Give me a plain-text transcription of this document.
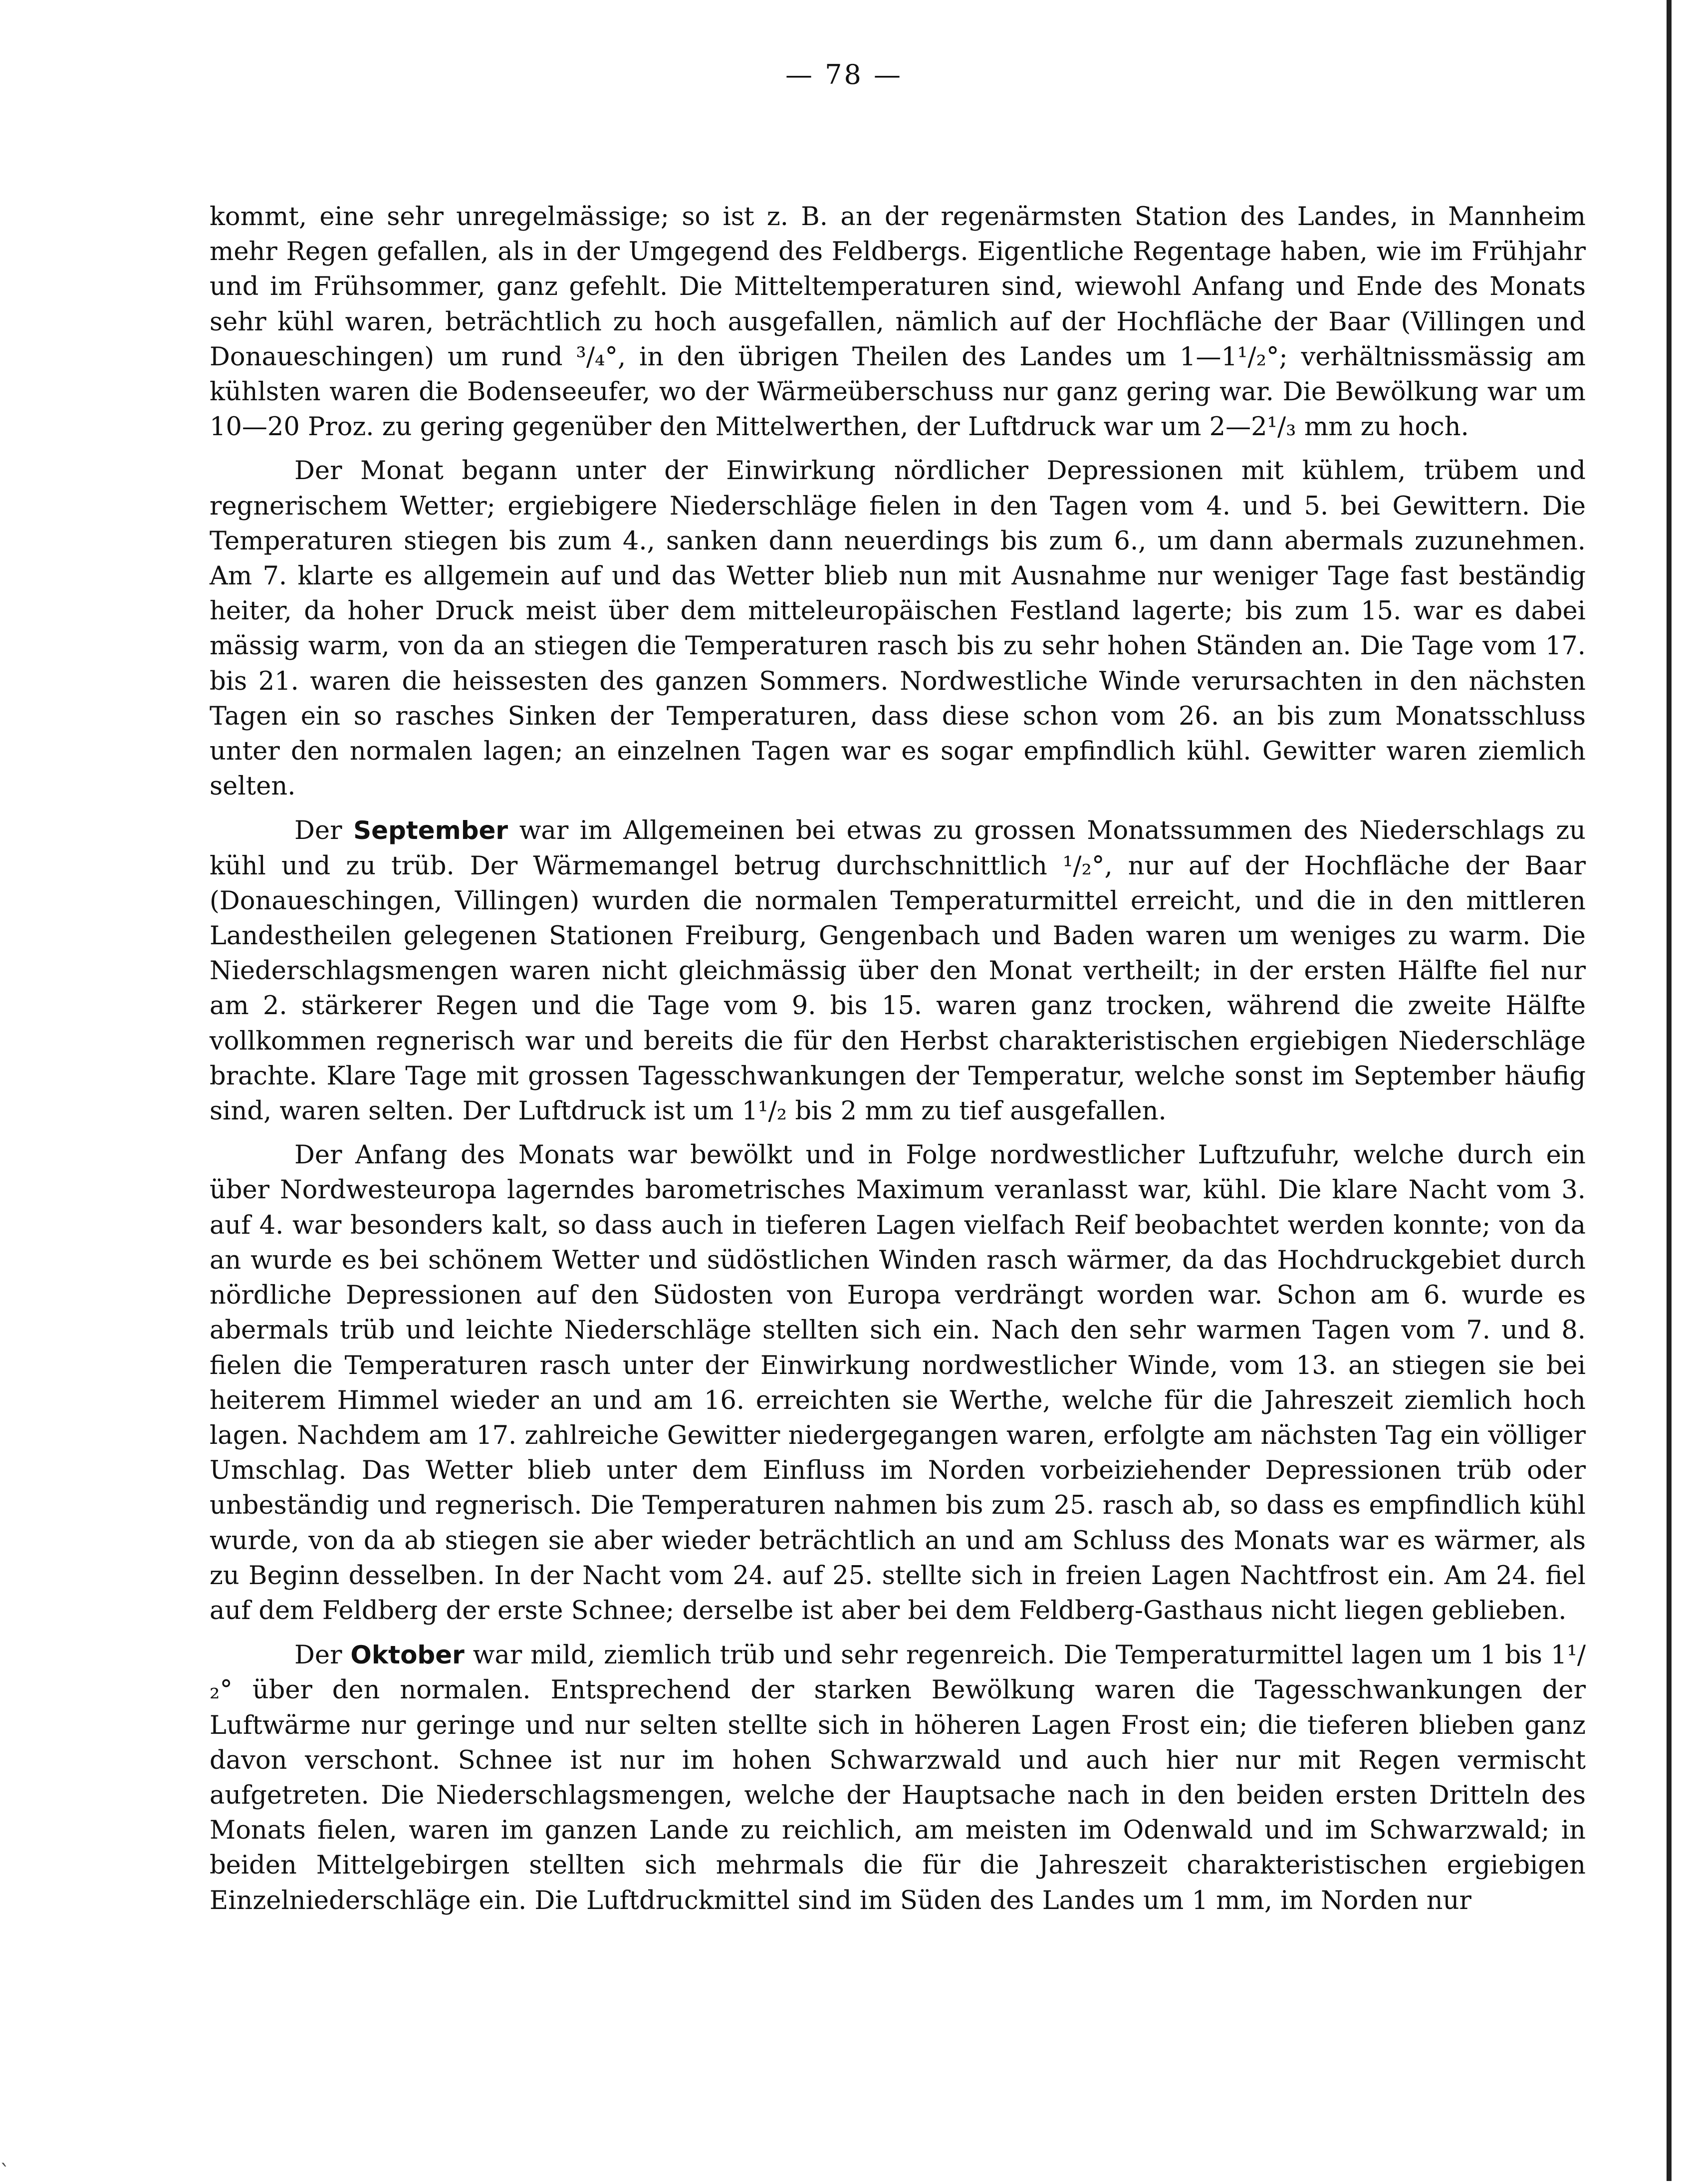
`
— 78 —

kommt, eine sehr unregelmässige; so ist z. B. an der regenärmsten Station des Landes, in Mannheim mehr Regen gefallen, als in der Umgegend des Feldbergs. Eigentliche Regentage haben, wie im Frühjahr und im Frühsommer, ganz gefehlt. Die Mitteltemperaturen sind, wiewohl Anfang und Ende des Monats sehr kühl waren, beträchtlich zu hoch ausgefallen, nämlich auf der Hochfläche der Baar (Villingen und Donaueschingen) um rund ³/₄°, in den übrigen Theilen des Landes um 1—1¹/₂°; verhältnissmässig am kühlsten waren die Bodenseeufer, wo der Wärmeüberschuss nur ganz gering war. Die Bewölkung war um 10—20 Proz. zu gering gegenüber den Mittelwerthen, der Luftdruck war um 2—2¹/₃ mm zu hoch.

Der Monat begann unter der Einwirkung nördlicher Depressionen mit kühlem, trübem und regnerischem Wetter; ergiebigere Niederschläge fielen in den Tagen vom 4. und 5. bei Gewittern. Die Temperaturen stiegen bis zum 4., sanken dann neuerdings bis zum 6., um dann abermals zuzunehmen. Am 7. klarte es allgemein auf und das Wetter blieb nun mit Ausnahme nur weniger Tage fast beständig heiter, da hoher Druck meist über dem mitteleuropäischen Festland lagerte; bis zum 15. war es dabei mässig warm, von da an stiegen die Temperaturen rasch bis zu sehr hohen Ständen an. Die Tage vom 17. bis 21. waren die heissesten des ganzen Sommers. Nordwestliche Winde verursachten in den nächsten Tagen ein so rasches Sinken der Temperaturen, dass diese schon vom 26. an bis zum Monatsschluss unter den normalen lagen; an einzelnen Tagen war es sogar empfindlich kühl. Gewitter waren ziemlich selten.

Der September war im Allgemeinen bei etwas zu grossen Monatssummen des Niederschlags zu kühl und zu trüb. Der Wärmemangel betrug durchschnittlich ¹/₂°, nur auf der Hochfläche der Baar (Donaueschingen, Villingen) wurden die normalen Temperaturmittel erreicht, und die in den mittleren Landestheilen gelegenen Stationen Freiburg, Gengenbach und Baden waren um weniges zu warm. Die Niederschlagsmengen waren nicht gleichmässig über den Monat vertheilt; in der ersten Hälfte fiel nur am 2. stärkerer Regen und die Tage vom 9. bis 15. waren ganz trocken, während die zweite Hälfte vollkommen regnerisch war und bereits die für den Herbst charakteristischen ergiebigen Niederschläge brachte. Klare Tage mit grossen Tagesschwankungen der Temperatur, welche sonst im September häufig sind, waren selten. Der Luftdruck ist um 1¹/₂ bis 2 mm zu tief ausgefallen.

Der Anfang des Monats war bewölkt und in Folge nordwestlicher Luftzufuhr, welche durch ein über Nordwesteuropa lagerndes barometrisches Maximum veranlasst war, kühl. Die klare Nacht vom 3. auf 4. war besonders kalt, so dass auch in tieferen Lagen vielfach Reif beobachtet werden konnte; von da an wurde es bei schönem Wetter und südöstlichen Winden rasch wärmer, da das Hochdruckgebiet durch nördliche Depressionen auf den Südosten von Europa verdrängt worden war. Schon am 6. wurde es abermals trüb und leichte Niederschläge stellten sich ein. Nach den sehr warmen Tagen vom 7. und 8. fielen die Temperaturen rasch unter der Einwirkung nordwestlicher Winde, vom 13. an stiegen sie bei heiterem Himmel wieder an und am 16. erreichten sie Werthe, welche für die Jahreszeit ziemlich hoch lagen. Nachdem am 17. zahlreiche Gewitter niedergegangen waren, erfolgte am nächsten Tag ein völliger Umschlag. Das Wetter blieb unter dem Einfluss im Norden vorbeiziehender Depressionen trüb oder unbeständig und regnerisch. Die Temperaturen nahmen bis zum 25. rasch ab, so dass es empfindlich kühl wurde, von da ab stiegen sie aber wieder beträchtlich an und am Schluss des Monats war es wärmer, als zu Beginn desselben. In der Nacht vom 24. auf 25. stellte sich in freien Lagen Nachtfrost ein. Am 24. fiel auf dem Feldberg der erste Schnee; derselbe ist aber bei dem Feldberg-Gasthaus nicht liegen geblieben.

Der Oktober war mild, ziemlich trüb und sehr regenreich. Die Temperaturmittel lagen um 1 bis 1¹/₂° über den normalen. Entsprechend der starken Bewölkung waren die Tagesschwankungen der Luftwärme nur geringe und nur selten stellte sich in höheren Lagen Frost ein; die tieferen blieben ganz davon verschont. Schnee ist nur im hohen Schwarzwald und auch hier nur mit Regen vermischt aufgetreten. Die Niederschlagsmengen, welche der Hauptsache nach in den beiden ersten Dritteln des Monats fielen, waren im ganzen Lande zu reichlich, am meisten im Odenwald und im Schwarzwald; in beiden Mittelgebirgen stellten sich mehrmals die für die Jahreszeit charakteristischen ergiebigen Einzelniederschläge ein. Die Luftdruckmittel sind im Süden des Landes um 1 mm, im Norden nur
